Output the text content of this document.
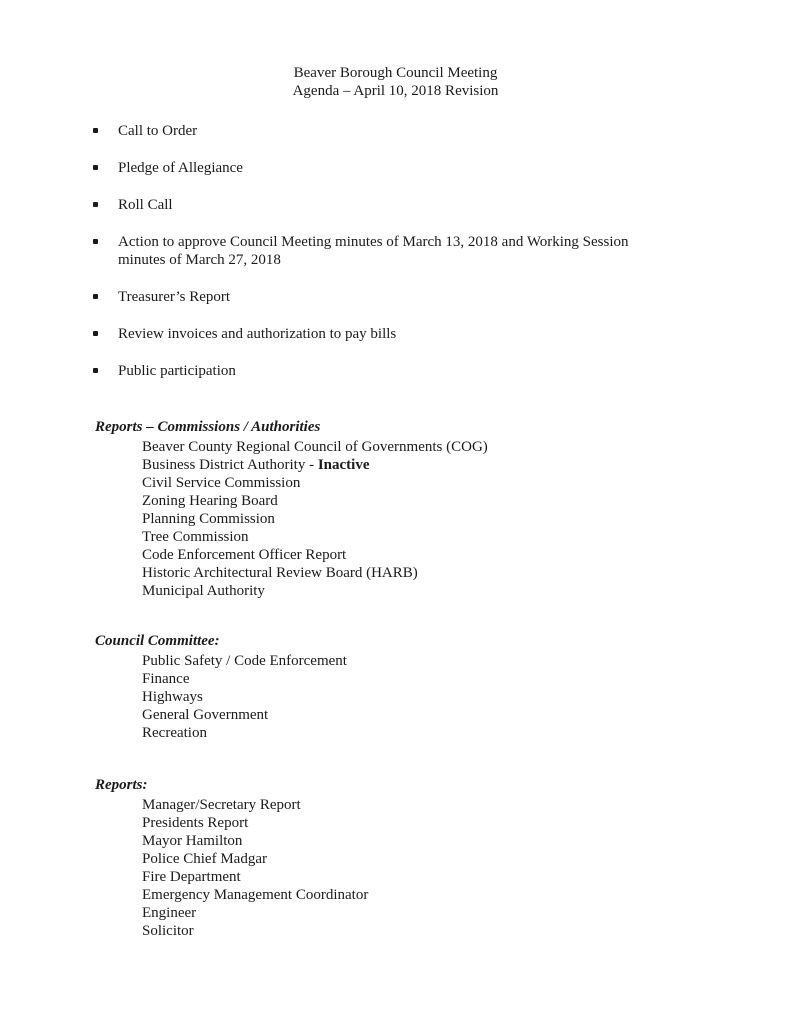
Beaver Borough Council Meeting
Agenda – April 10, 2018 Revision
Call to Order
Pledge of Allegiance
Roll Call
Action to approve Council Meeting minutes of March 13, 2018 and Working Session minutes of March 27, 2018
Treasurer’s Report
Review invoices and authorization to pay bills
Public participation
Reports – Commissions / Authorities
Beaver County Regional Council of Governments (COG)
Business District Authority - Inactive
Civil Service Commission
Zoning Hearing Board
Planning Commission
Tree Commission
Code Enforcement Officer Report
Historic Architectural Review Board (HARB)
Municipal Authority
Council Committee:
Public Safety / Code Enforcement
Finance
Highways
General Government
Recreation
Reports:
Manager/Secretary Report
Presidents Report
Mayor Hamilton
Police Chief Madgar
Fire Department
Emergency Management Coordinator
Engineer
Solicitor
